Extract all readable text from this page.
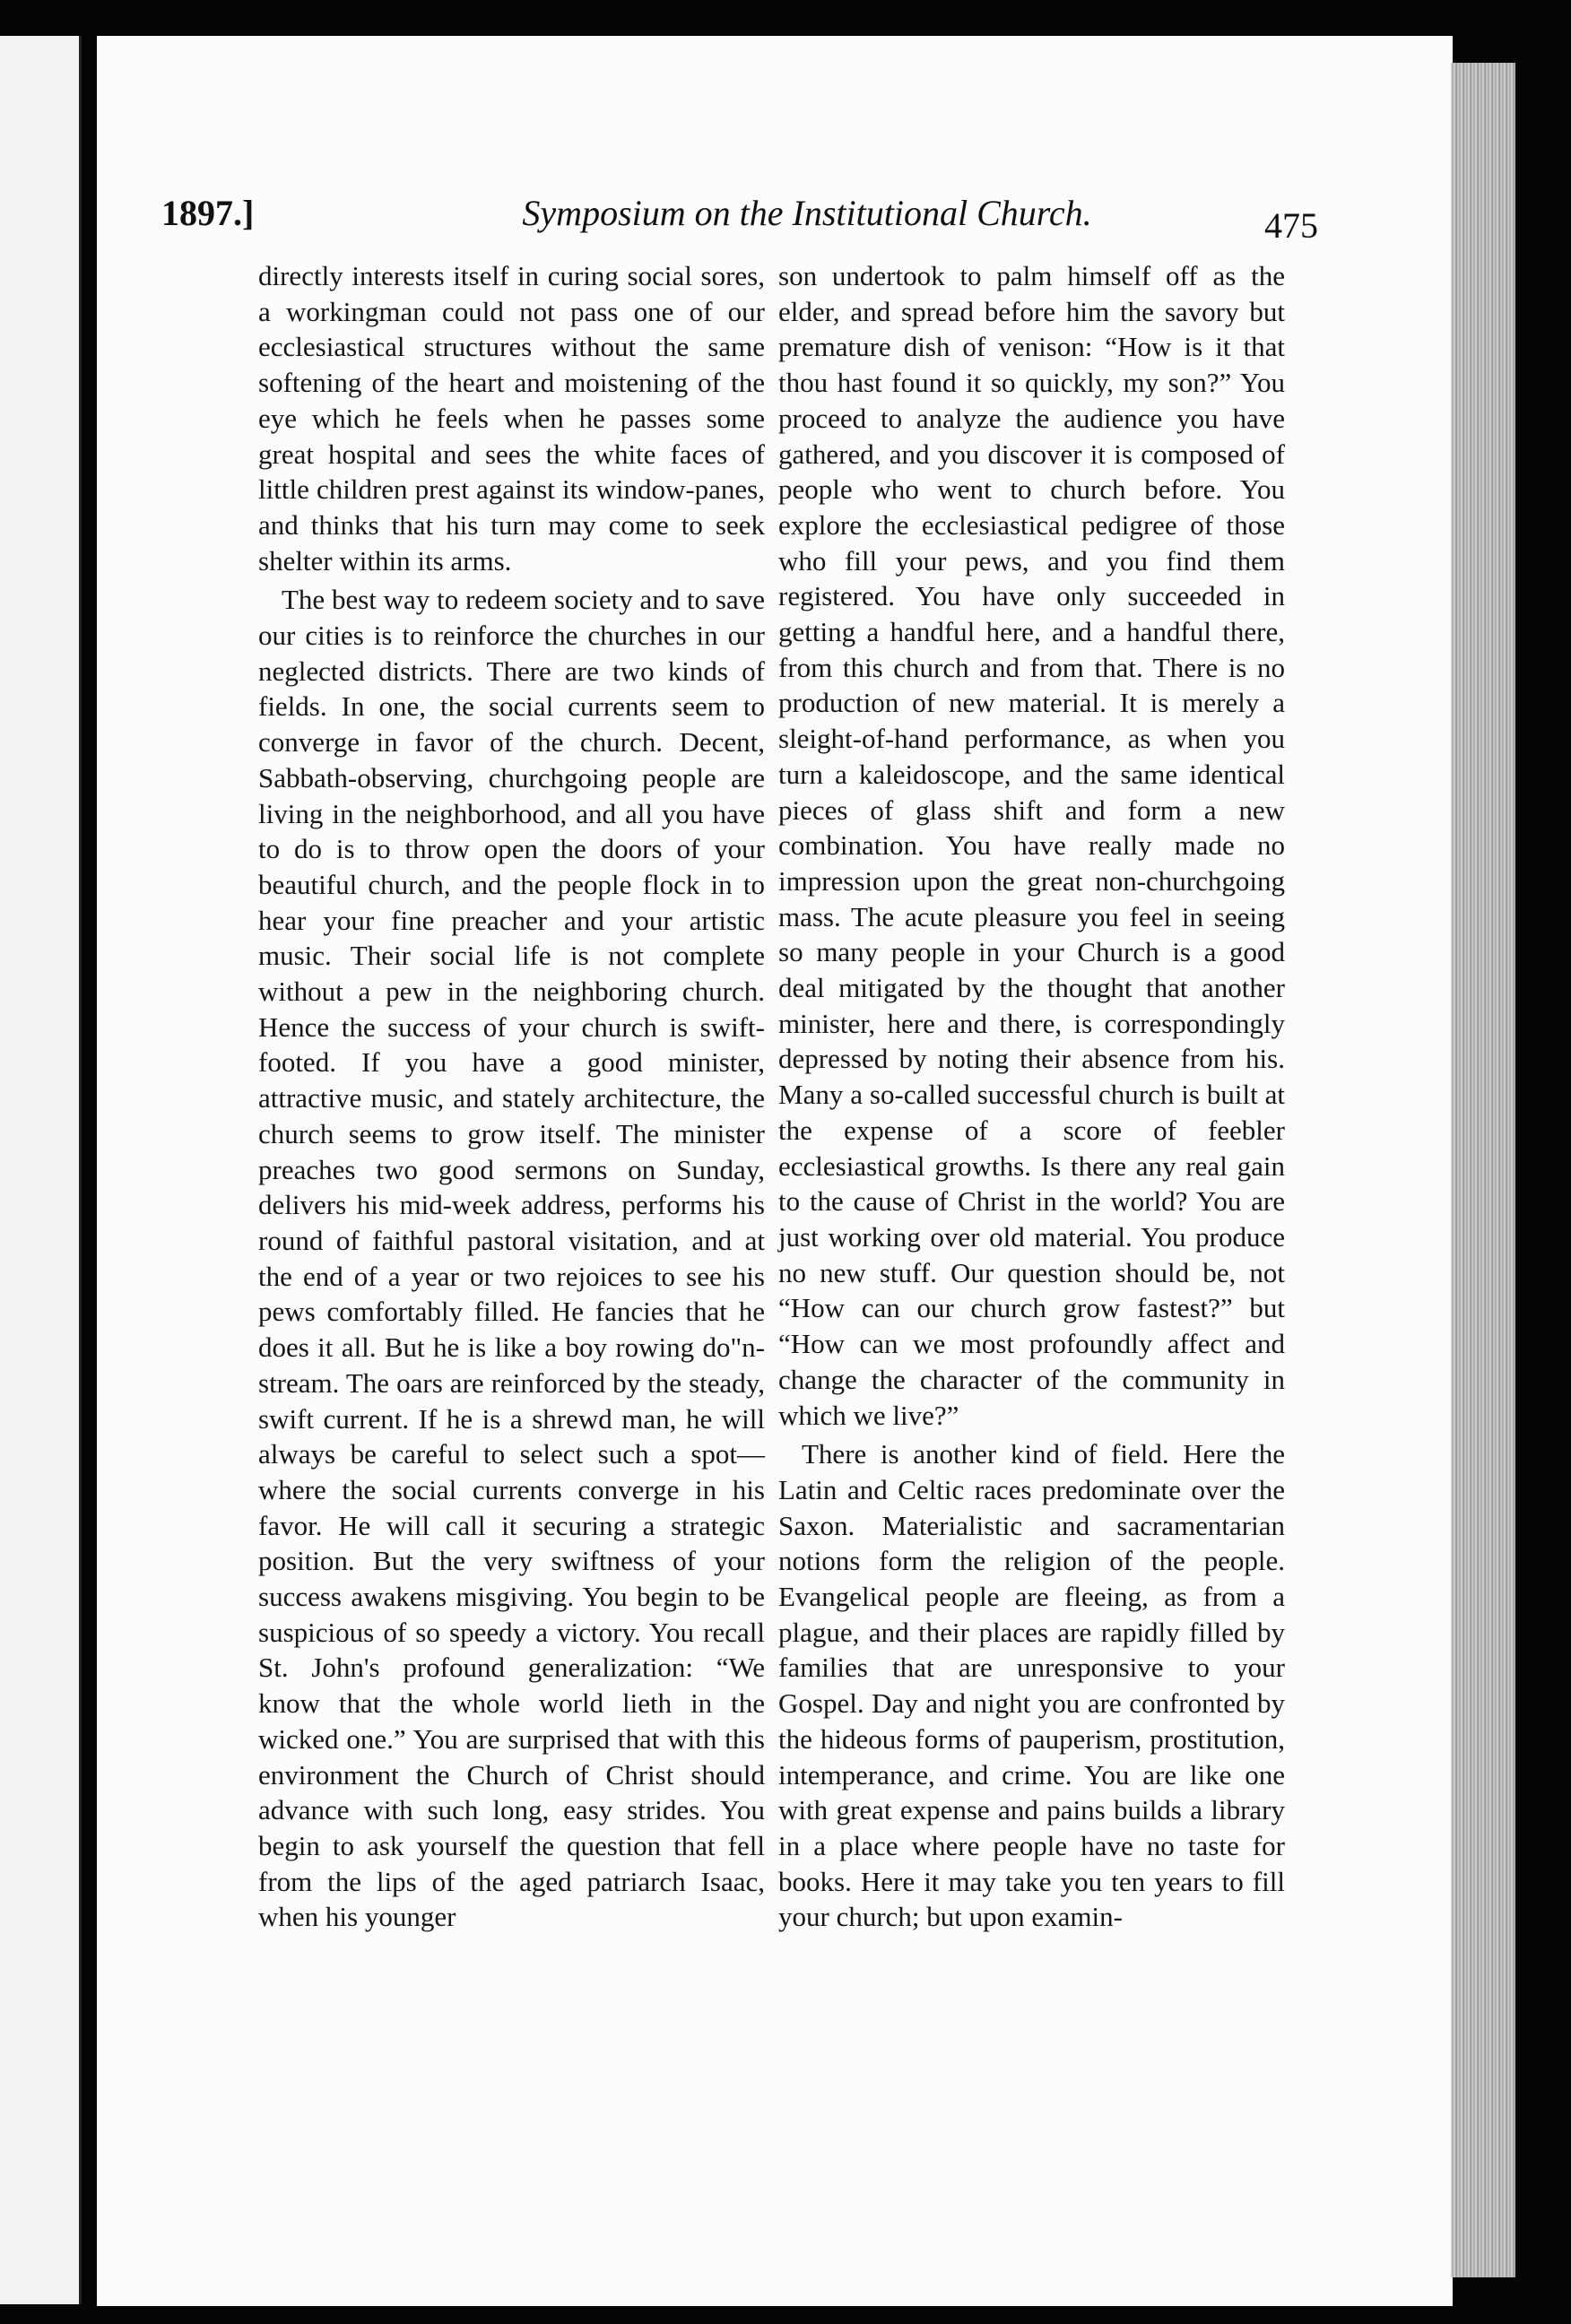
1897.]	Symposium on the Institutional Church.	475

directly interests itself in curing social sores, a workingman could not pass one of our ecclesiastical structures without the same softening of the heart and moistening of the eye which he feels when he passes some great hospital and sees the white faces of little children prest against its window-panes, and thinks that his turn may come to seek shelter within its arms.

The best way to redeem society and to save our cities is to reinforce the churches in our neglected districts. There are two kinds of fields. In one, the social currents seem to converge in favor of the church. Decent, Sabbath-observing, churchgoing people are living in the neighborhood, and all you have to do is to throw open the doors of your beautiful church, and the people flock in to hear your fine preacher and your artistic music. Their social life is not complete without a pew in the neighboring church. Hence the success of your church is swift-footed. If you have a good minister, attractive music, and stately architecture, the church seems to grow itself. The minister preaches two good sermons on Sunday, delivers his mid-week address, performs his round of faithful pastoral visitation, and at the end of a year or two rejoices to see his pews comfortably filled. He fancies that he does it all. But he is like a boy rowing do"n-stream. The oars are reinforced by the steady, swift current. If he is a shrewd man, he will always be careful to select such a spot—where the social currents converge in his favor. He will call it securing a strategic position. But the very swiftness of your success awakens misgiving. You begin to be suspicious of so speedy a victory. You recall St. John's profound generalization: “We know that the whole world lieth in the wicked one.” You are surprised that with this environment the Church of Christ should advance with such long, easy strides. You begin to ask yourself the question that fell from the lips of the aged patriarch Isaac, when his younger

son undertook to palm himself off as the elder, and spread before him the savory but premature dish of venison: “How is it that thou hast found it so quickly, my son?” You proceed to analyze the audience you have gathered, and you discover it is composed of people who went to church before. You explore the ecclesiastical pedigree of those who fill your pews, and you find them registered. You have only succeeded in getting a handful here, and a handful there, from this church and from that. There is no production of new material. It is merely a sleight-of-hand performance, as when you turn a kaleidoscope, and the same identical pieces of glass shift and form a new combination. You have really made no impression upon the great non-churchgoing mass. The acute pleasure you feel in seeing so many people in your Church is a good deal mitigated by the thought that another minister, here and there, is correspondingly depressed by noting their absence from his. Many a so-called successful church is built at the expense of a score of feebler ecclesiastical growths. Is there any real gain to the cause of Christ in the world? You are just working over old material. You produce no new stuff. Our question should be, not “How can our church grow fastest?” but “How can we most profoundly affect and change the character of the community in which we live?”

There is another kind of field. Here the Latin and Celtic races predominate over the Saxon. Materialistic and sacramentarian notions form the religion of the people. Evangelical people are fleeing, as from a plague, and their places are rapidly filled by families that are unresponsive to your Gospel. Day and night you are confronted by the hideous forms of pauperism, prostitution, intemperance, and crime. You are like one with great expense and pains builds a library in a place where people have no taste for books. Here it may take you ten years to fill your church; but upon examin-
